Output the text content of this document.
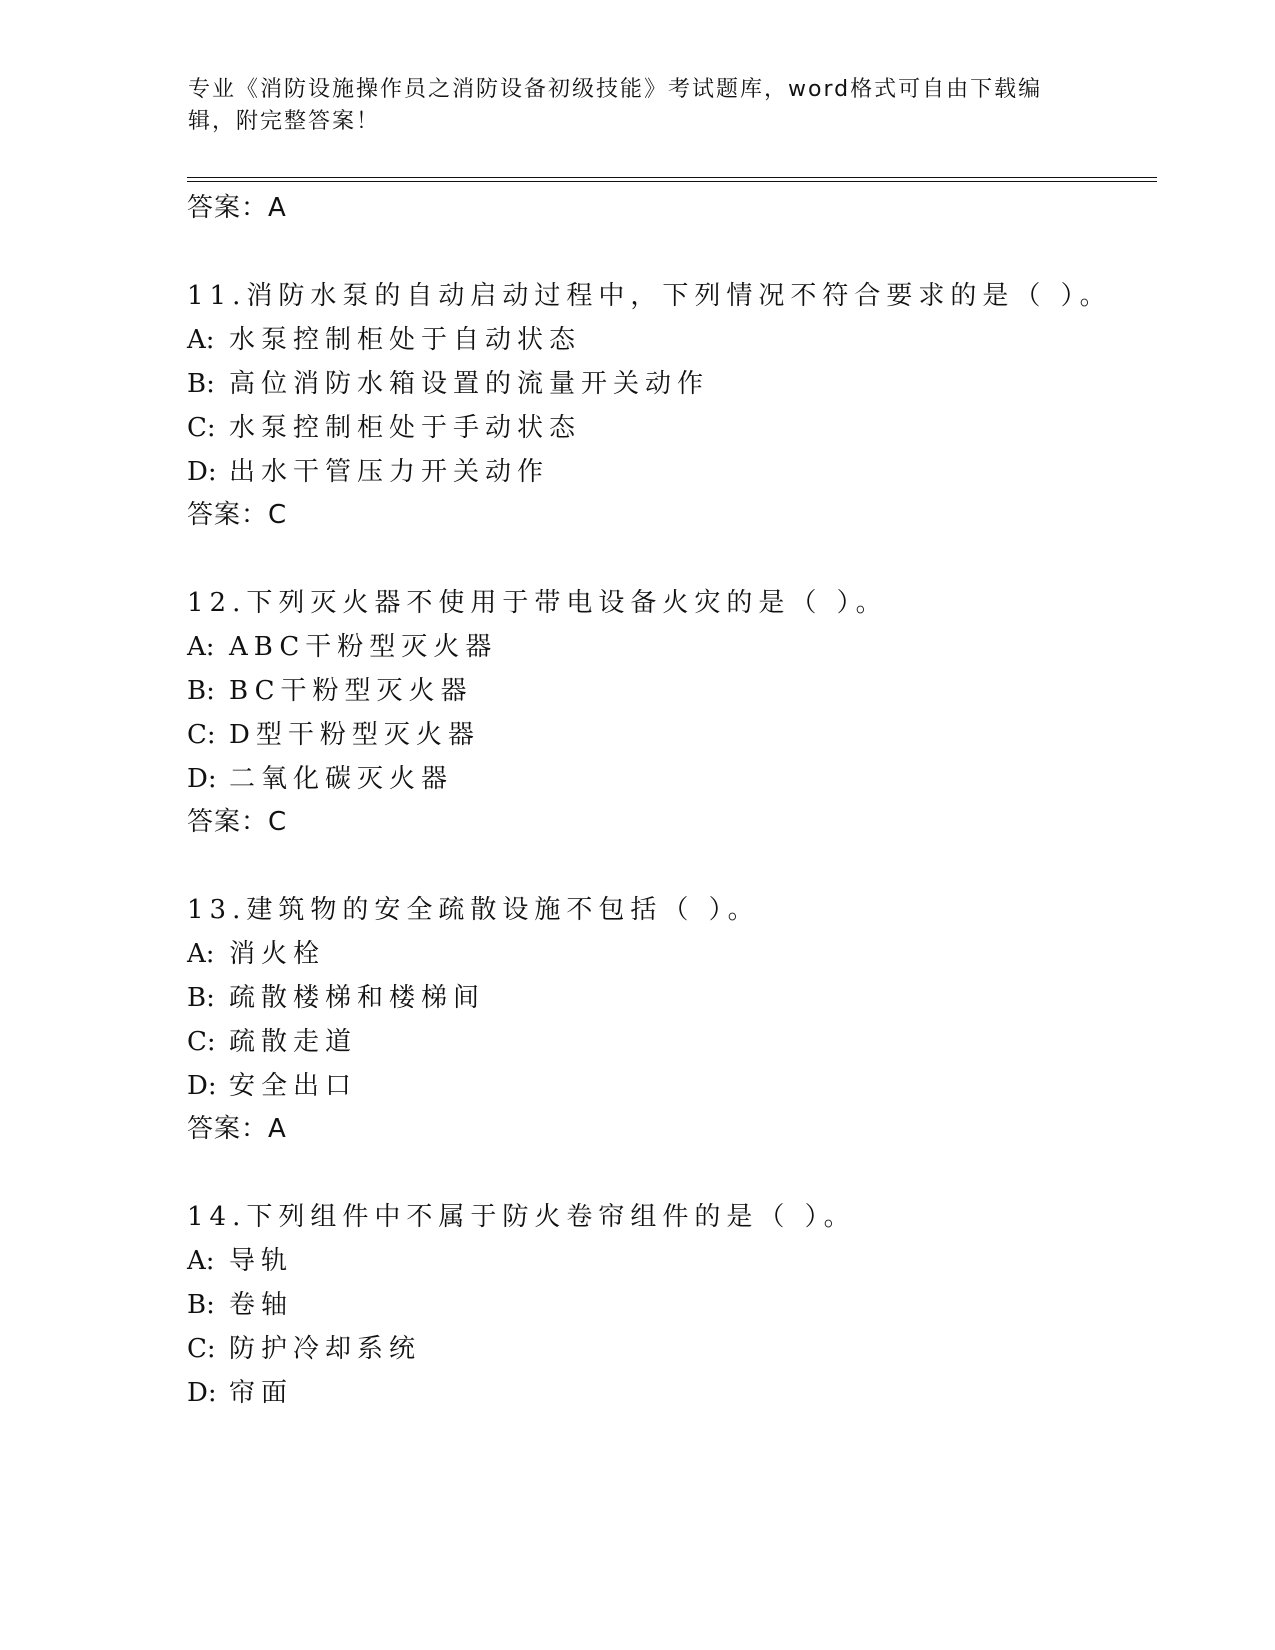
专业《消防设施操作员之消防设备初级技能》考试题库，word格式可自由下载编
辑，附完整答案！
答案：A
11.消防水泵的自动启动过程中，下列情况不符合要求的是（ ）。
A: 水泵控制柜处于自动状态
B: 高位消防水箱设置的流量开关动作
C: 水泵控制柜处于手动状态
D: 出水干管压力开关动作
答案：C
12.下列灭火器不使用于带电设备火灾的是（ ）。
A: ABC干粉型灭火器
B: BC干粉型灭火器
C: D型干粉型灭火器
D: 二氧化碳灭火器
答案：C
13.建筑物的安全疏散设施不包括（ ）。
A: 消火栓
B: 疏散楼梯和楼梯间
C: 疏散走道
D: 安全出口
答案：A
14.下列组件中不属于防火卷帘组件的是（ ）。
A: 导轨
B: 卷轴
C: 防护冷却系统
D: 帘面
